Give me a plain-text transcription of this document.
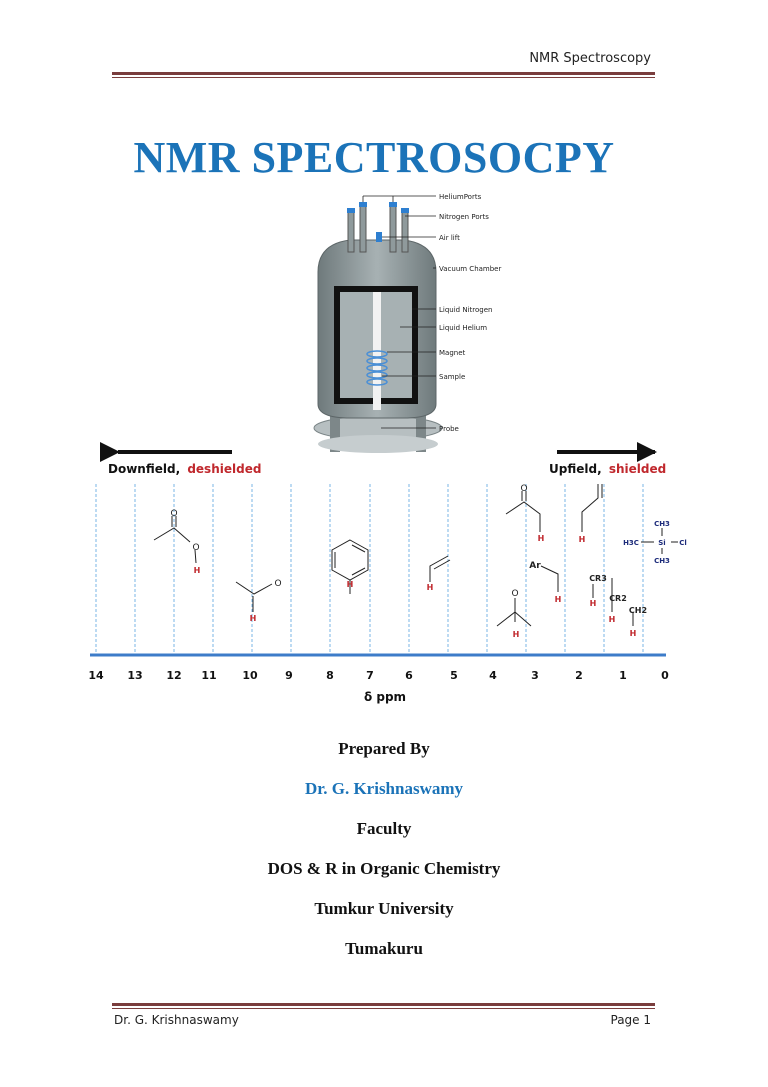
NMR Spectroscopy
NMR SPECTROSOCPY
HeliumPorts
Nitrogen Ports
Air lift
Vacuum Chamber
Liquid Nitrogen
Liquid Helium
Magnet
Sample
Probe
Downfield, deshielded	Upfield, shielded
14 13 12 11 10	9	8	7	6	5	4	3	2	1	0
δ ppm
O
O
O
O
O
Ar
CH3
H3C	Si Cl
CH3
CR3
CR2
CH2
H
H
H	H
H
H	H
H	H
H
H
Prepared By
Dr. G. Krishnaswamy
Faculty
DOS & R in Organic Chemistry
Tumkur University
Tumakuru
Dr. G. Krishnaswamy	Page 1
